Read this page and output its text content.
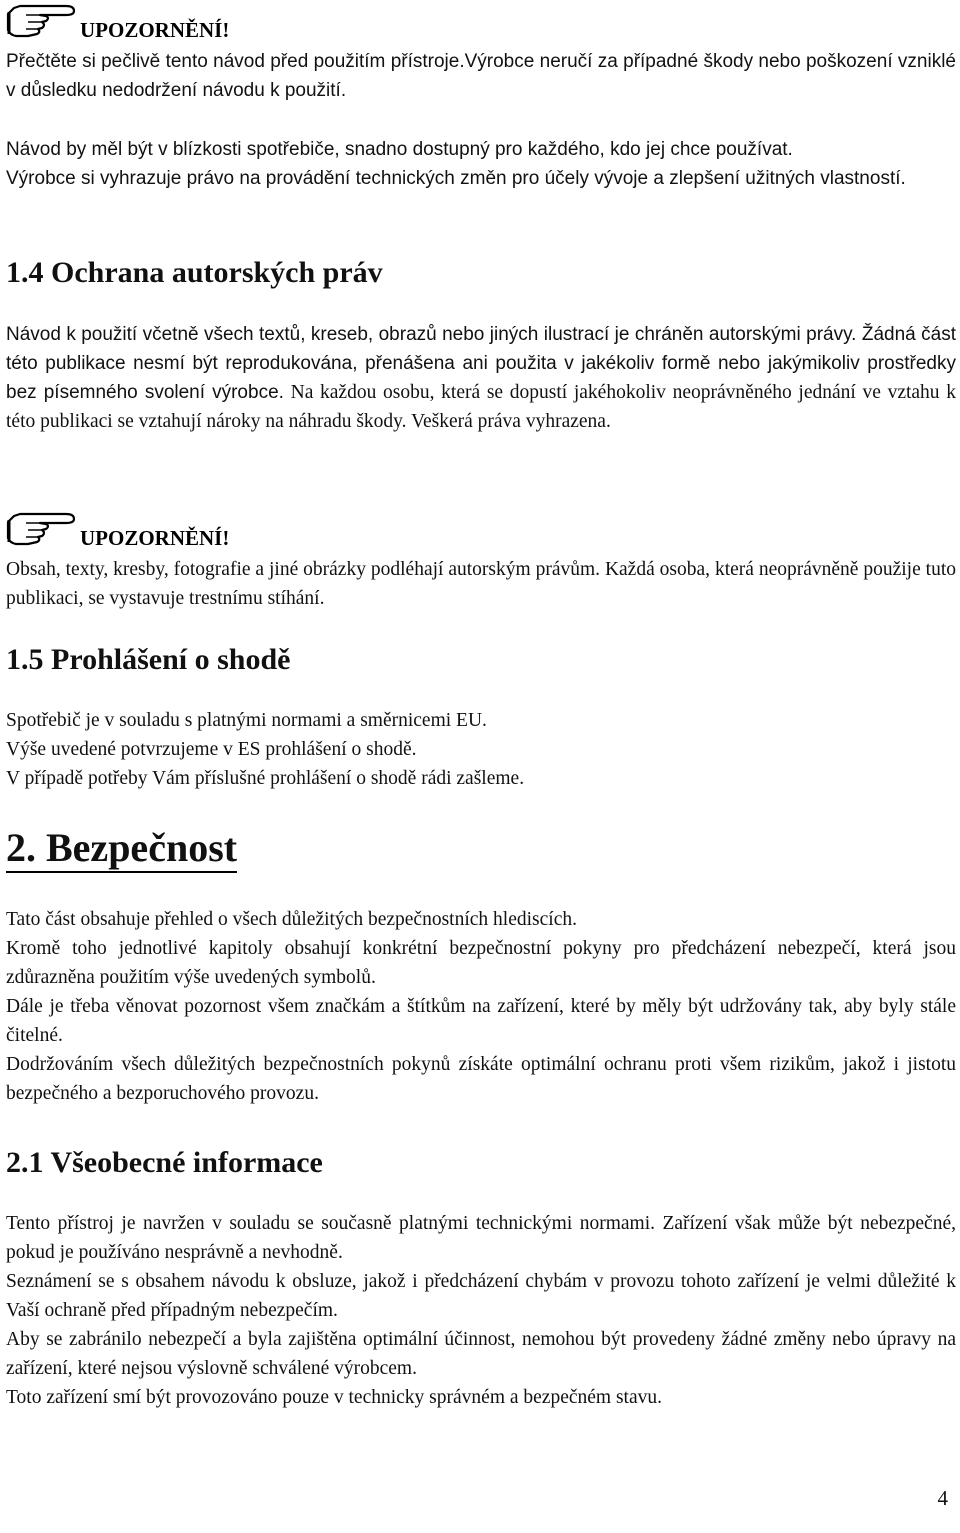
UPOZORNĚNÍ!

Přečtěte si pečlivě tento návod před použitím přístroje.Výrobce neručí za případné škody nebo poškození vzniklé v důsledku nedodržení návodu k použití.

Návod by měl být v blízkosti spotřebiče, snadno dostupný pro každého, kdo jej chce používat.

Výrobce si vyhrazuje právo na provádění technických změn pro účely vývoje a zlepšení užitných vlastností.

1.4 Ochrana autorských práv

Návod k použití včetně všech textů, kreseb, obrazů nebo jiných ilustrací je chráněn autorskými právy. Žádná část této publikace nesmí být reprodukována, přenášena ani použita v jakékoliv formě nebo jakýmikoliv prostředky bez písemného svolení výrobce. Na každou osobu, která se dopustí jakéhokoliv neoprávněného jednání ve vztahu k této publikaci se vztahují nároky na náhradu škody. Veškerá práva vyhrazena.

UPOZORNĚNÍ!

Obsah, texty, kresby, fotografie a jiné obrázky podléhají autorským právům. Každá osoba, která neoprávněně použije tuto publikaci, se vystavuje trestnímu stíhání.

1.5 Prohlášení o shodě

Spotřebič je v souladu s platnými normami a směrnicemi EU.

Výše uvedené potvrzujeme v ES prohlášení o shodě.

V případě potřeby Vám příslušné prohlášení o shodě rádi zašleme.

2. Bezpečnost

Tato část obsahuje přehled o všech důležitých bezpečnostních hlediscích.

Kromě toho jednotlivé kapitoly obsahují konkrétní bezpečnostní pokyny pro předcházení nebezpečí, která jsou zdůrazněna použitím výše uvedených symbolů.

Dále je třeba věnovat pozornost všem značkám a štítkům na zařízení, které by měly být udržovány tak, aby byly stále čitelné.

Dodržováním všech důležitých bezpečnostních pokynů získáte optimální ochranu proti všem rizikům, jakož i jistotu bezpečného a bezporuchového provozu.

2.1 Všeobecné informace

Tento přístroj je navržen v souladu se současně platnými technickými normami. Zařízení však může být nebezpečné, pokud je používáno nesprávně a nevhodně.

Seznámení se s obsahem návodu k obsluze, jakož i předcházení chybám v provozu tohoto zařízení je velmi důležité k Vaší ochraně před případným nebezpečím.

Aby se zabránilo nebezpečí a byla zajištěna optimální účinnost, nemohou být provedeny žádné změny nebo úpravy na zařízení, které nejsou výslovně schválené výrobcem.

Toto zařízení smí být provozováno pouze v technicky správném a bezpečném stavu.

4
